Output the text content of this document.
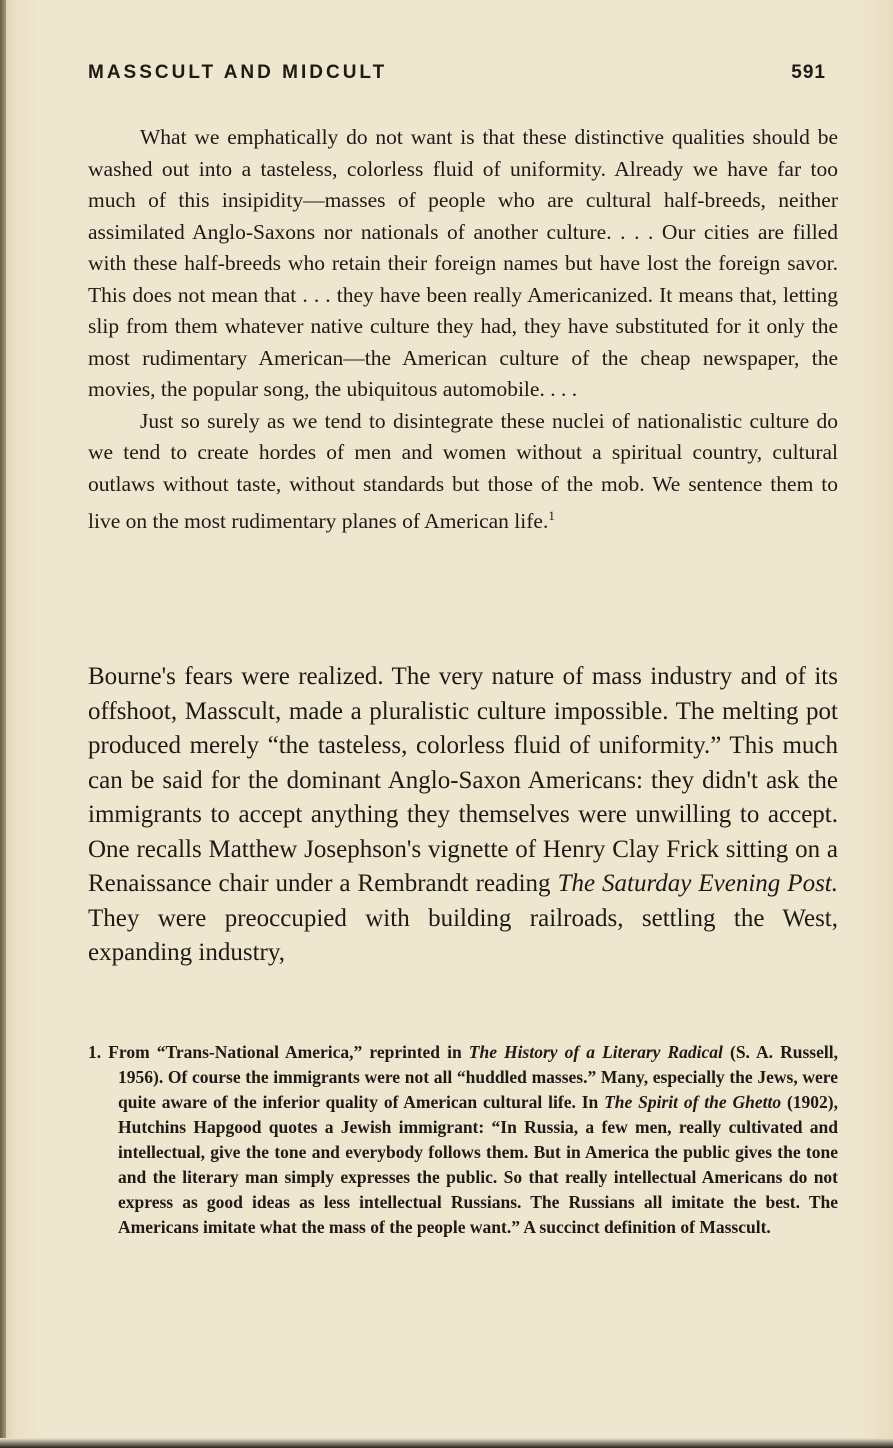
MASSCULT AND MIDCULT	591

What we emphatically do not want is that these distinctive qualities should be washed out into a tasteless, colorless fluid of uniformity. Already we have far too much of this insipidity—masses of people who are cultural half-breeds, neither assimilated Anglo-Saxons nor nationals of another culture. . . . Our cities are filled with these half-breeds who retain their foreign names but have lost the foreign savor. This does not mean that . . . they have been really Americanized. It means that, letting slip from them whatever native culture they had, they have substituted for it only the most rudimentary American—the American culture of the cheap newspaper, the movies, the popular song, the ubiquitous automobile. . . .

Just so surely as we tend to disintegrate these nuclei of nationalistic culture do we tend to create hordes of men and women without a spiritual country, cultural outlaws without taste, without standards but those of the mob. We sentence them to live on the most rudimentary planes of American life.$^1$

Bourne's fears were realized. The very nature of mass industry and of its offshoot, Masscult, made a pluralistic culture impossible. The melting pot produced merely “the tasteless, colorless fluid of uniformity.” This much can be said for the dominant Anglo-Saxon Americans: they didn't ask the immigrants to accept anything they themselves were unwilling to accept. One recalls Matthew Josephson's vignette of Henry Clay Frick sitting on a Renaissance chair under a Rembrandt reading The Saturday Evening Post. They were preoccupied with building railroads, settling the West, expanding industry,

1. From “Trans-National America,” reprinted in The History of a Literary Radical (S. A. Russell, 1956). Of course the immigrants were not all “huddled masses.” Many, especially the Jews, were quite aware of the inferior quality of American cultural life. In The Spirit of the Ghetto (1902), Hutchins Hapgood quotes a Jewish immigrant: “In Russia, a few men, really cultivated and intellectual, give the tone and everybody follows them. But in America the public gives the tone and the literary man simply expresses the public. So that really intellectual Americans do not express as good ideas as less intellectual Russians. The Russians all imitate the best. The Americans imitate what the mass of the people want.” A succinct definition of Masscult.
